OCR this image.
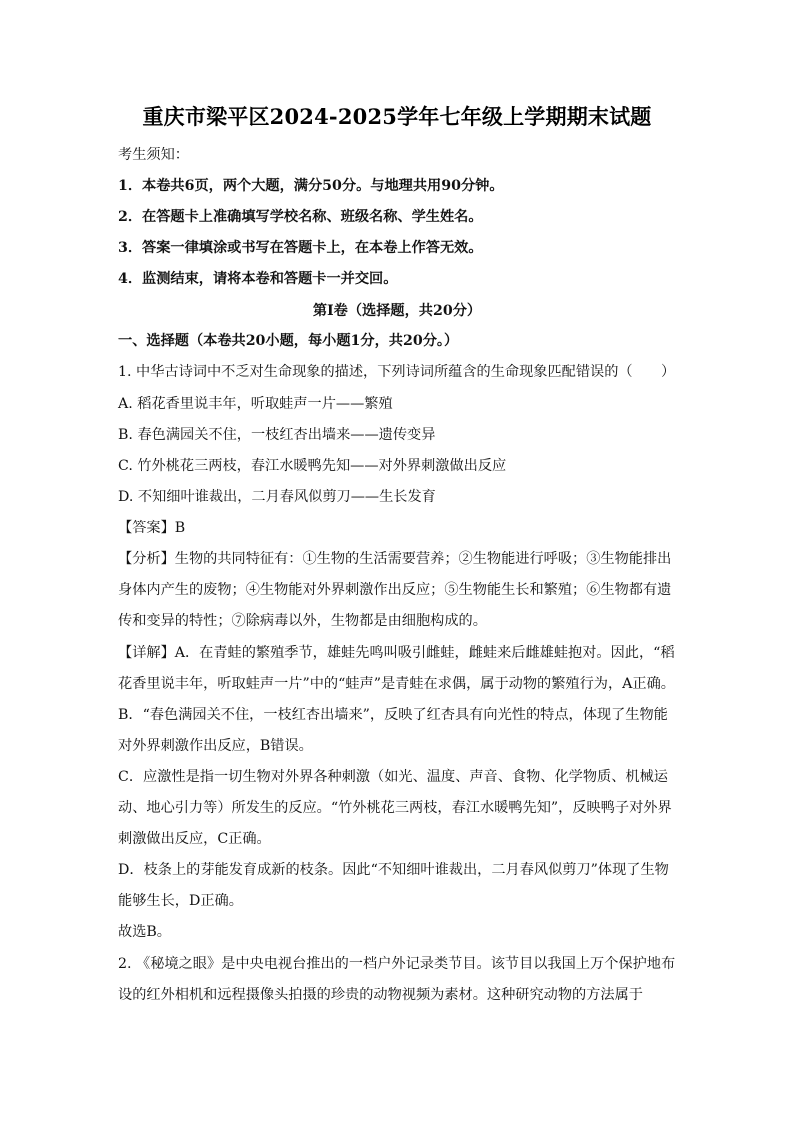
重庆市梁平区2024-2025学年七年级上学期期末试题
考生须知：
1．本卷共6页，两个大题，满分50分。与地理共用90分钟。
2．在答题卡上准确填写学校名称、班级名称、学生姓名。
3．答案一律填涂或书写在答题卡上，在本卷上作答无效。
4．监测结束，请将本卷和答题卡一并交回。
第Ⅰ卷（选择题，共20分）
一、选择题（本卷共20小题，每小题1分，共20分。）
1. 中华古诗词中不乏对生命现象的描述，下列诗词所蕴含的生命现象匹配错误的（　　）
A. 稻花香里说丰年，听取蛙声一片——繁殖
B. 春色满园关不住，一枝红杏出墙来——遗传变异
C. 竹外桃花三两枝，春江水暖鸭先知——对外界刺激做出反应
D. 不知细叶谁裁出，二月春风似剪刀——生长发育
【答案】B
【分析】生物的共同特征有：①生物的生活需要营养；②生物能进行呼吸；③生物能排出
身体内产生的废物；④生物能对外界刺激作出反应；⑤生物能生长和繁殖；⑥生物都有遗
传和变异的特性；⑦除病毒以外，生物都是由细胞构成的。
【详解】A．在青蛙的繁殖季节，雄蛙先鸣叫吸引雌蛙，雌蛙来后雌雄蛙抱对。因此，“稻
花香里说丰年，听取蛙声一片”中的“蛙声”是青蛙在求偶，属于动物的繁殖行为，A正确。
B．“春色满园关不住，一枝红杏出墙来”，反映了红杏具有向光性的特点，体现了生物能
对外界刺激作出反应，B错误。
C．应激性是指一切生物对外界各种刺激（如光、温度、声音、食物、化学物质、机械运
动、地心引力等）所发生的反应。“竹外桃花三两枝，春江水暖鸭先知”，反映鸭子对外界
刺激做出反应，C正确。
D．枝条上的芽能发育成新的枝条。因此“不知细叶谁裁出，二月春风似剪刀”体现了生物
能够生长，D正确。
故选B。
2. 《秘境之眼》是中央电视台推出的一档户外记录类节目。该节目以我国上万个保护地布
设的红外相机和远程摄像头拍摄的珍贵的动物视频为素材。这种研究动物的方法属于
